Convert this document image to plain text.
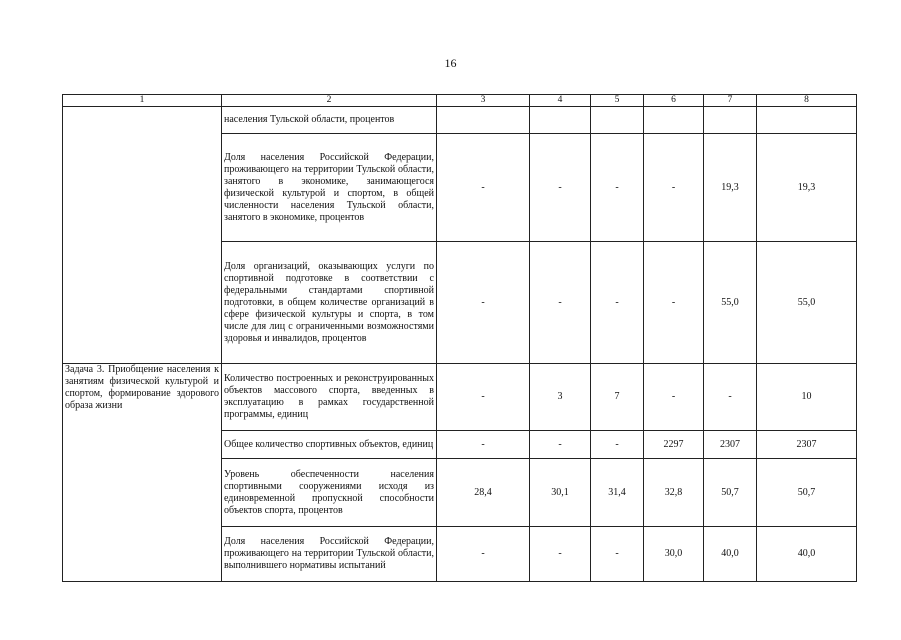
16
1	2	3	4	5	6	7	8
	населения Тульской области, процентов						
	Доля населения Российской Федерации, проживающего на территории Тульской области, занятого в экономике, занимающегося физической культурой и спортом, в общей численности населения Тульской области, занятого в экономике, процентов	-	-	-	-	19,3	19,3
	Доля организаций, оказывающих услуги по спортивной подготовке в соответствии с федеральными стандартами спортивной подготовки, в общем количестве организаций в сфере физической культуры и спорта, в том числе для лиц с ограниченными возможностями здоровья и инвалидов, процентов	-	-	-	-	55,0	55,0
Задача 3. Приобщение населения к занятиям физической культурой и спортом, формирование здорового образа жизни	Количество построенных и реконструированных объектов массового спорта, введенных в эксплуатацию в рамках государственной программы, единиц	-	3	7	-	-	10
	Общее количество спортивных объектов, единиц	-	-	-	2297	2307	2307
	Уровень обеспеченности населения спортивными сооружениями исходя из единовременной пропускной способности объектов спорта, процентов	28,4	30,1	31,4	32,8	50,7	50,7
	Доля населения Российской Федерации, проживающего на территории Тульской области, выполнившего нормативы испытаний	-	-	-	30,0	40,0	40,0
